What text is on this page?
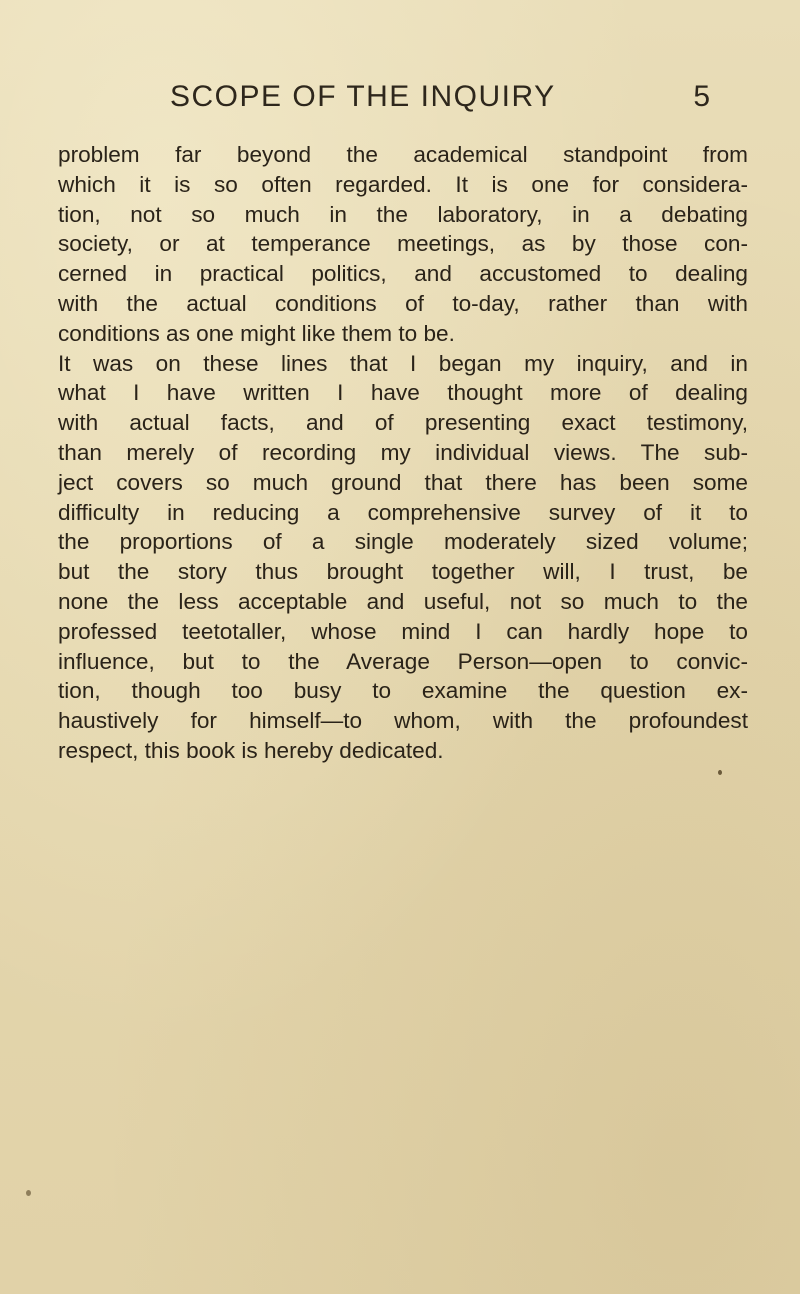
SCOPE OF THE INQUIRY	5
problem far beyond the academical standpoint from
which it is so often regarded. It is one for considera-
tion, not so much in the laboratory, in a debating
society, or at temperance meetings, as by those con-
cerned in practical politics, and accustomed to dealing
with the actual conditions of to-day, rather than with
conditions as one might like them to be.
It was on these lines that I began my inquiry, and in
what I have written I have thought more of dealing
with actual facts, and of presenting exact testimony,
than merely of recording my individual views. The sub-
ject covers so much ground that there has been some
difficulty in reducing a comprehensive survey of it to
the proportions of a single moderately sized volume;
but the story thus brought together will, I trust, be
none the less acceptable and useful, not so much to the
professed teetotaller, whose mind I can hardly hope to
influence, but to the Average Person—open to convic-
tion, though too busy to examine the question ex-
haustively for himself—to whom, with the profoundest
respect, this book is hereby dedicated.
